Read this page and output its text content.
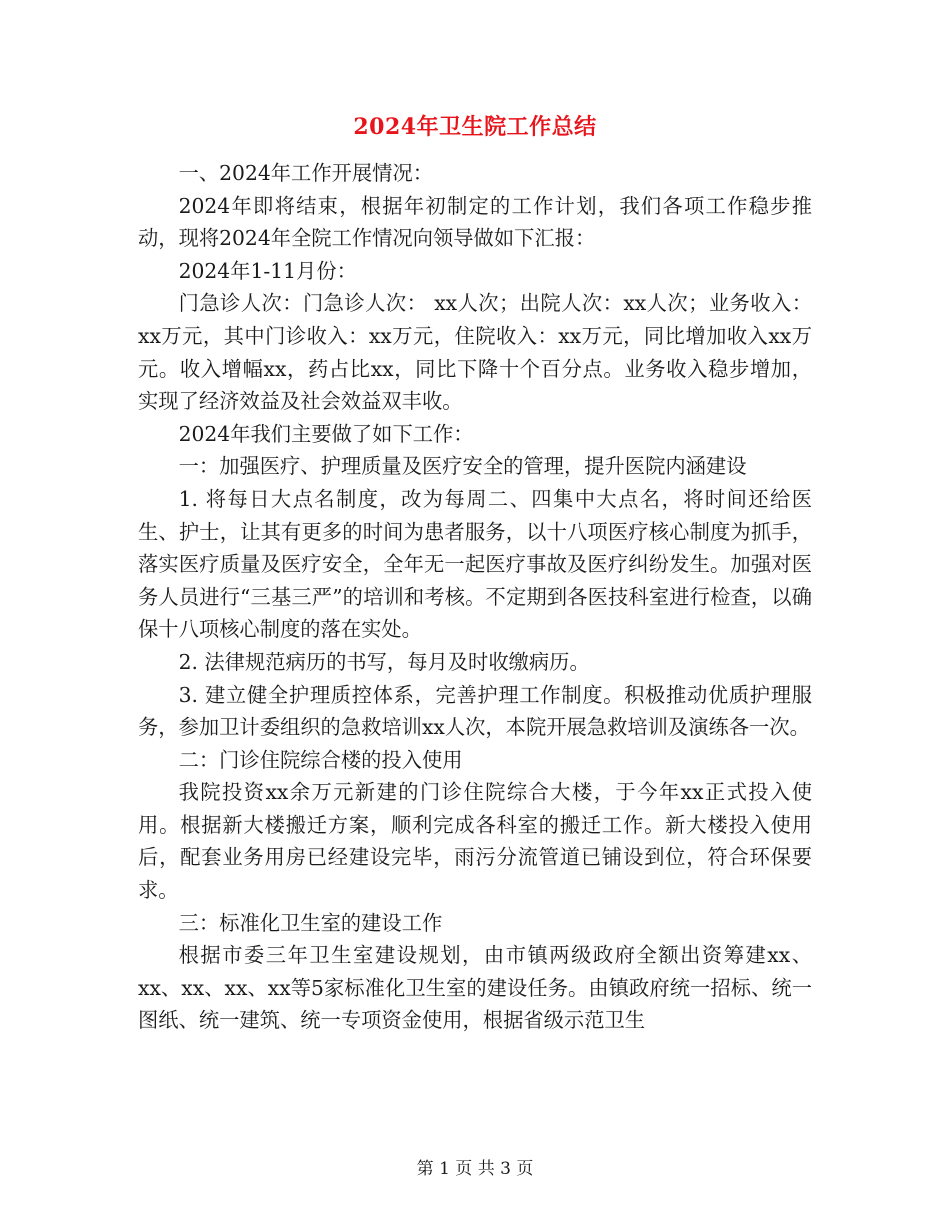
2024年卫生院工作总结

一、2024年工作开展情况：

2024年即将结束，根据年初制定的工作计划，我们各项工作稳步推动，现将2024年全院工作情况向领导做如下汇报：

2024年1-11月份：

门急诊人次：门急诊人次： xx人次；出院人次：xx人次；业务收入：xx万元，其中门诊收入：xx万元，住院收入：xx万元，同比增加收入xx万元。收入增幅xx，药占比xx，同比下降十个百分点。业务收入稳步增加，实现了经济效益及社会效益双丰收。

2024年我们主要做了如下工作：

一：加强医疗、护理质量及医疗安全的管理，提升医院内涵建设

1. 将每日大点名制度，改为每周二、四集中大点名，将时间还给医生、护士，让其有更多的时间为患者服务，以十八项医疗核心制度为抓手，落实医疗质量及医疗安全，全年无一起医疗事故及医疗纠纷发生。加强对医务人员进行“三基三严”的培训和考核。不定期到各医技科室进行检查，以确保十八项核心制度的落在实处。

2. 法律规范病历的书写，每月及时收缴病历。

3. 建立健全护理质控体系，完善护理工作制度。积极推动优质护理服务，参加卫计委组织的急救培训xx人次，本院开展急救培训及演练各一次。

二：门诊住院综合楼的投入使用

我院投资xx余万元新建的门诊住院综合大楼，于今年xx正式投入使用。根据新大楼搬迁方案，顺利完成各科室的搬迁工作。新大楼投入使用后，配套业务用房已经建设完毕，雨污分流管道已铺设到位，符合环保要求。

三：标准化卫生室的建设工作

根据市委三年卫生室建设规划，由市镇两级政府全额出资筹建xx、xx、xx、xx、xx等5家标准化卫生室的建设任务。由镇政府统一招标、统一图纸、统一建筑、统一专项资金使用，根据省级示范卫生

第 1 页 共 3 页
